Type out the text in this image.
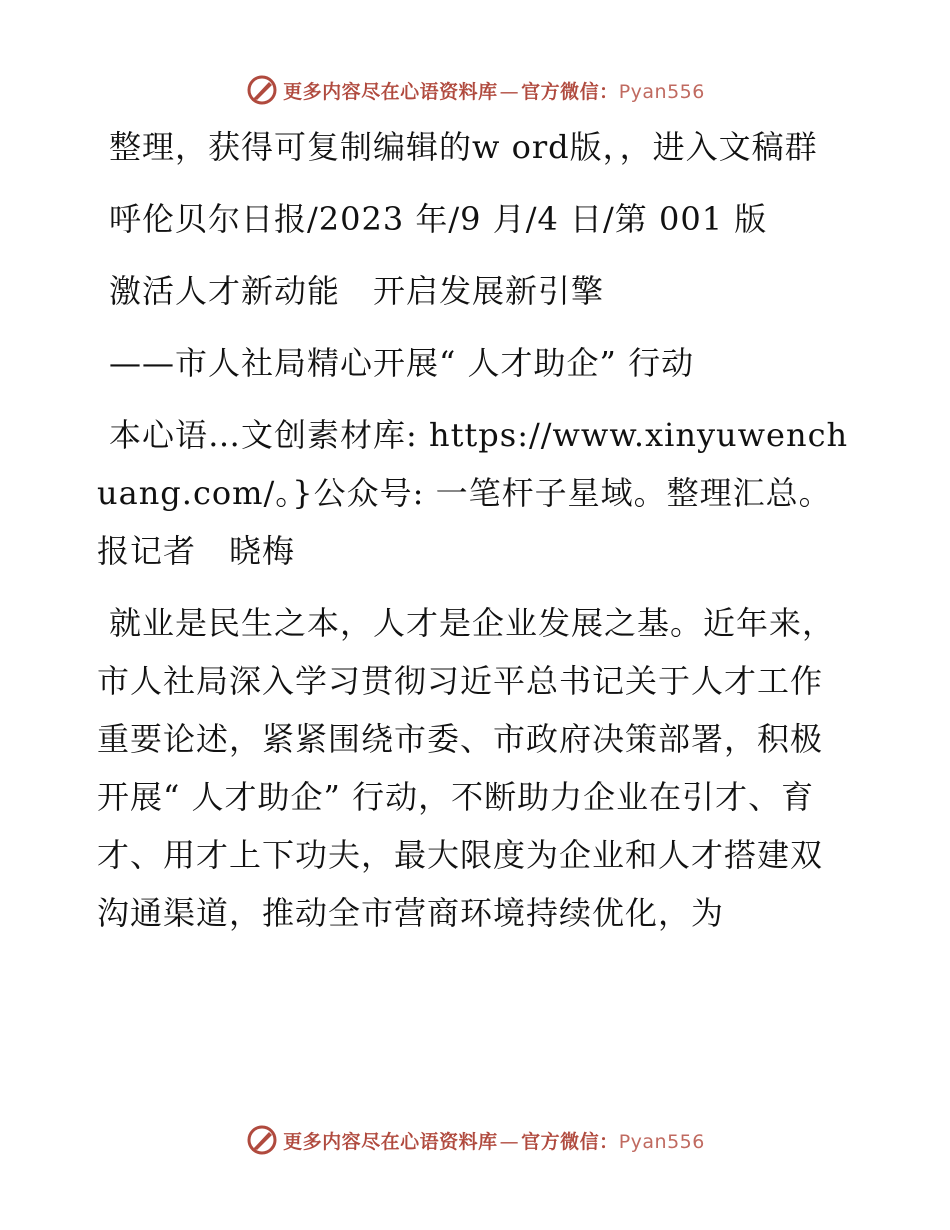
更多内容尽在心语资料库 — 官方微信：Pyan556

整理，获得可复制编辑的w ord版，，进入文稿群

呼伦贝尔日报/2023 年/9 月/4 日/第 001 版

激活人才新动能　开启发展新引擎

——市人社局精心开展“ 人才助企” 行动

本心语…文创素材库: https://www.xinyuwenchuang.com/。}公众号: 一笔杆子星域。整理汇总。报记者　晓梅

就业是民生之本，人才是企业发展之基。近年来，市人社局深入学习贯彻习近平总书记关于人才工作重要论述，紧紧围绕市委、市政府决策部署，积极开展“ 人才助企” 行动，不断助力企业在引才、育才、用才上下功夫，最大限度为企业和人才搭建双沟通渠道，推动全市营商环境持续优化，为

更多内容尽在心语资料库 — 官方微信：Pyan556
